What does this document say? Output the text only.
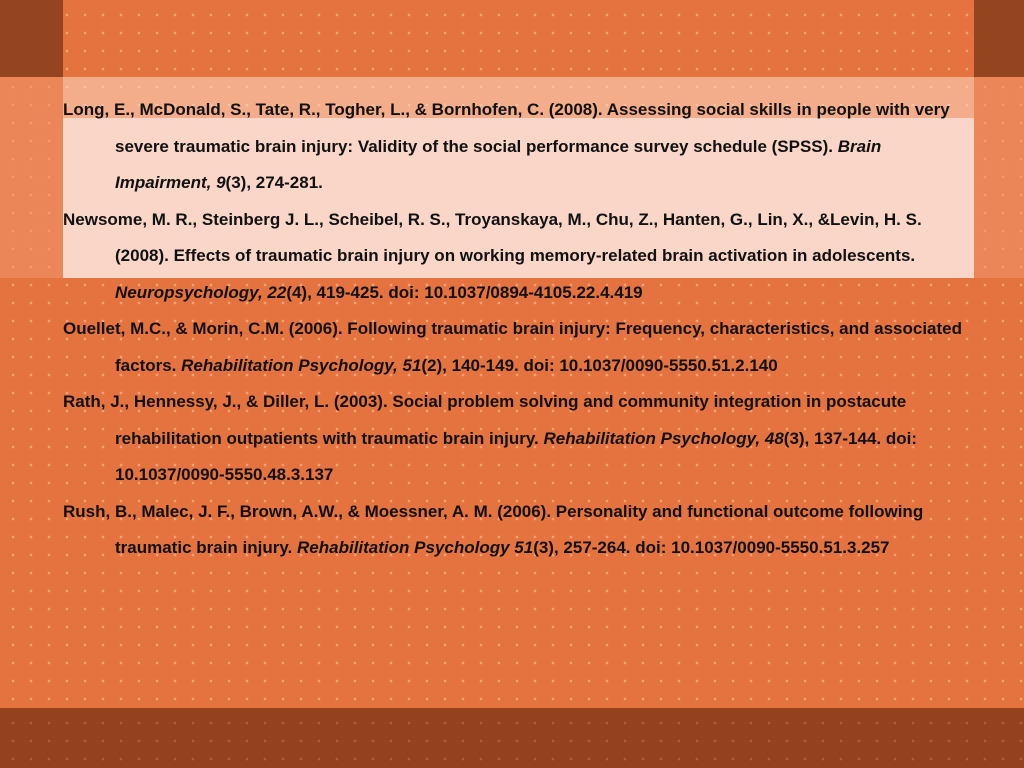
Long, E., McDonald, S., Tate, R., Togher, L., & Bornhofen, C. (2008). Assessing social skills in people with very severe traumatic brain injury: Validity of the social performance survey schedule (SPSS). Brain Impairment, 9(3), 274-281.

Newsome, M. R., Steinberg J. L., Scheibel, R. S., Troyanskaya, M., Chu, Z., Hanten, G., Lin, X., &Levin, H. S. (2008). Effects of traumatic brain injury on working memory-related brain activation in adolescents. Neuropsychology, 22(4), 419-425. doi: 10.1037/0894-4105.22.4.419

Ouellet, M.C., & Morin, C.M. (2006). Following traumatic brain injury: Frequency, characteristics, and associated factors. Rehabilitation Psychology, 51(2), 140-149. doi: 10.1037/0090-5550.51.2.140

Rath, J., Hennessy, J., & Diller, L. (2003). Social problem solving and community integration in postacute rehabilitation outpatients with traumatic brain injury. Rehabilitation Psychology, 48(3), 137-144. doi: 10.1037/0090-5550.48.3.137

Rush, B., Malec, J. F., Brown, A.W., & Moessner, A. M. (2006). Personality and functional outcome following traumatic brain injury. Rehabilitation Psychology 51(3), 257-264. doi: 10.1037/0090-5550.51.3.257
